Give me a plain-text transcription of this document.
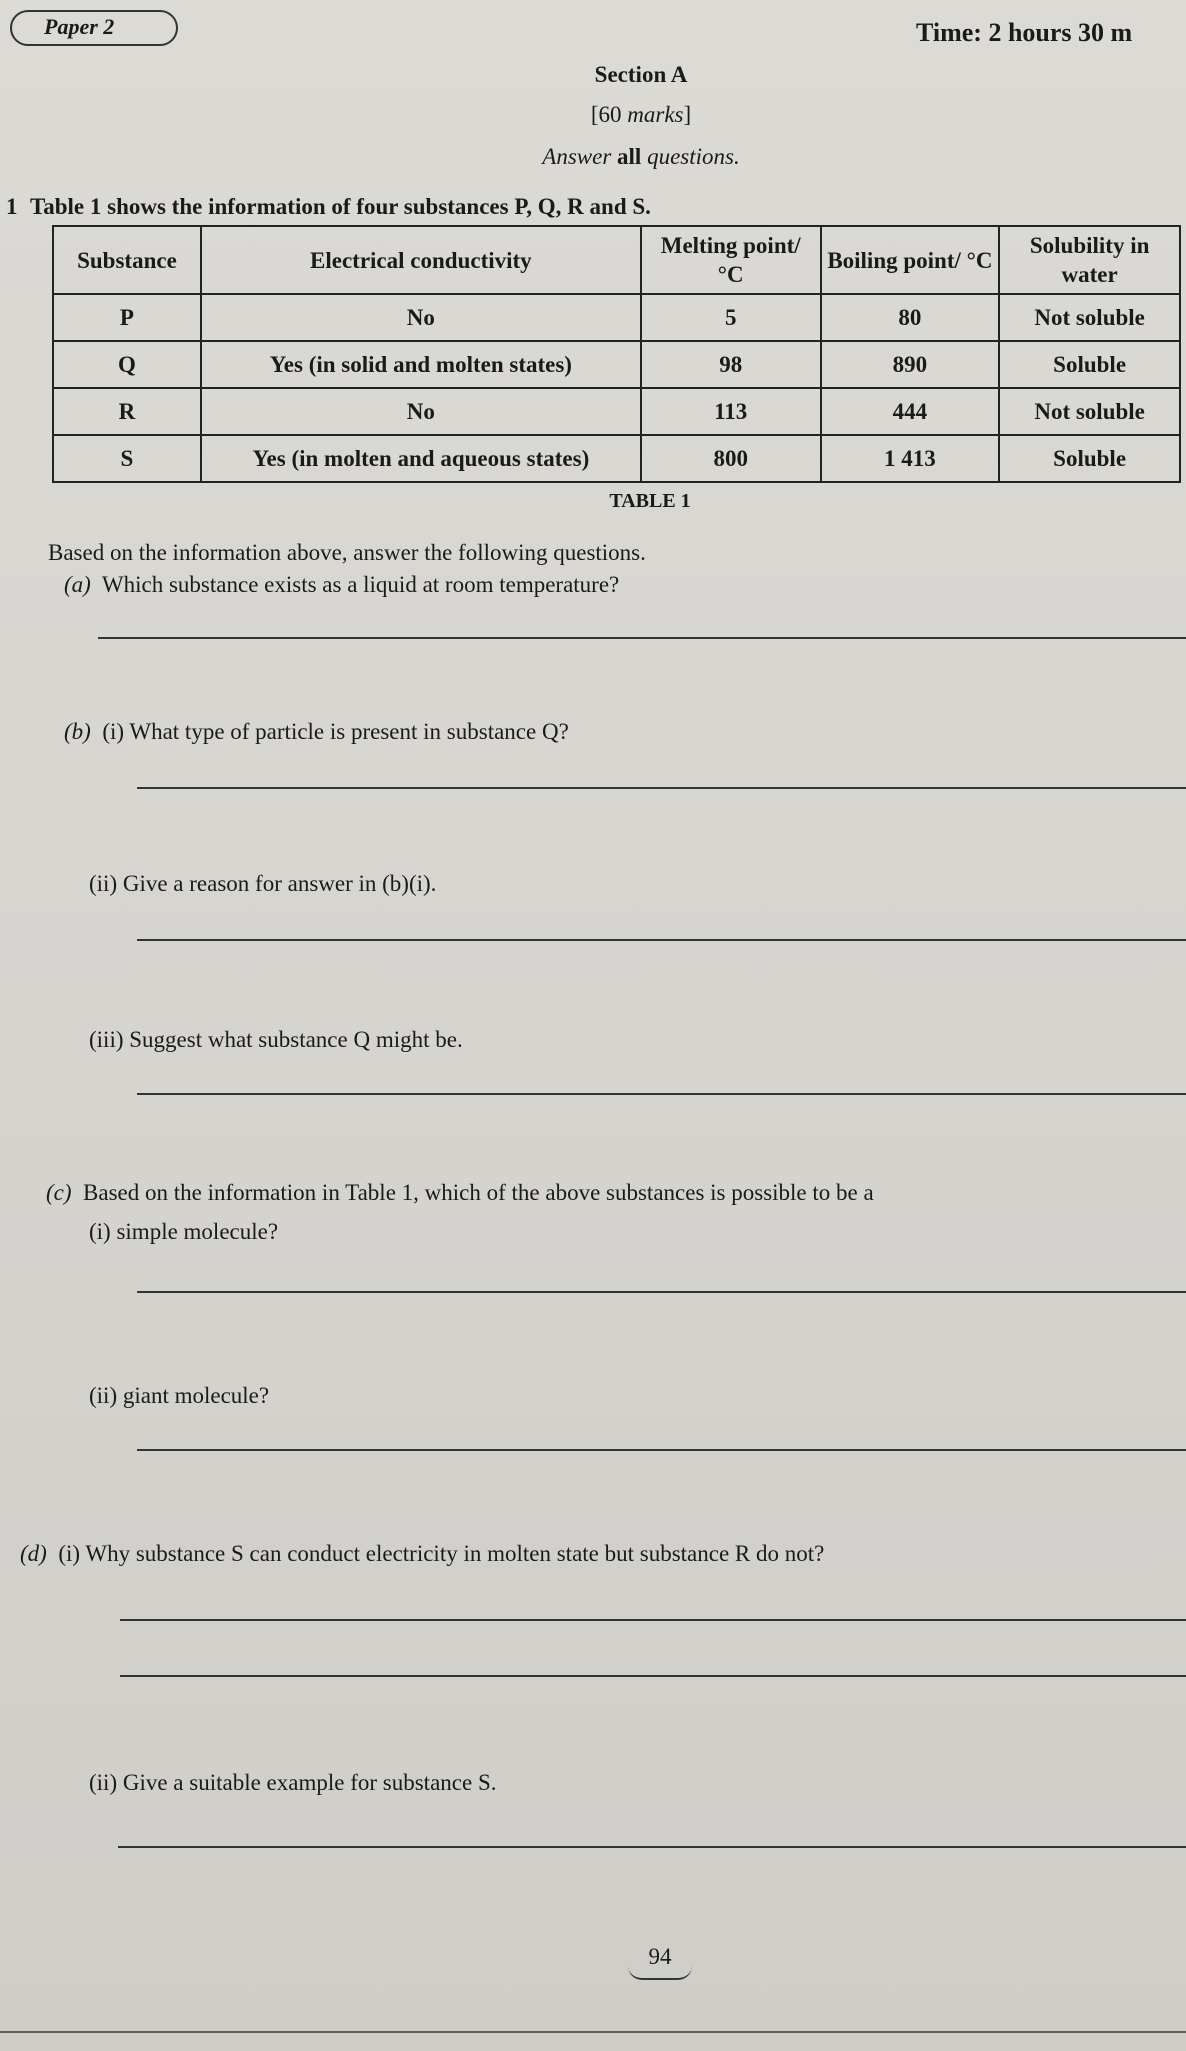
Paper 2	Time: 2 hours 30 m
Section A
[60 marks]
Answer all questions.
1 Table 1 shows the information of four substances P, Q, R and S.
Substance	Electrical conductivity	Melting point/ °C	Boiling point/ °C	Solubility in water
P	No	5	80	Not soluble
Q	Yes (in solid and molten states)	98	890	Soluble
R	No	113	444	Not soluble
S	Yes (in molten and aqueous states)	800	1 413	Soluble
TABLE 1
Based on the information above, answer the following questions.
(a) Which substance exists as a liquid at room temperature?
(b) (i) What type of particle is present in substance Q?
(ii) Give a reason for answer in (b)(i).
(iii) Suggest what substance Q might be.
(c) Based on the information in Table 1, which of the above substances is possible to be a
(i) simple molecule?
(ii) giant molecule?
(d) (i) Why substance S can conduct electricity in molten state but substance R do not?
(ii) Give a suitable example for substance S.
94
